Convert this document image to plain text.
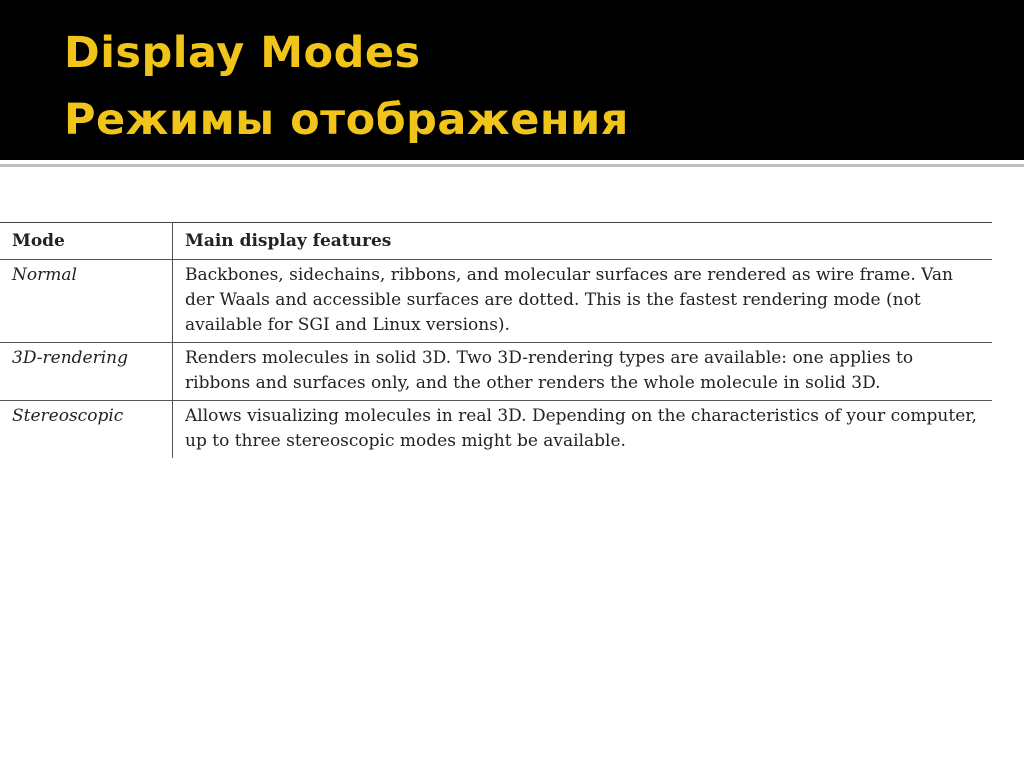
Display Modes
Режимы отображения
Mode	Main display features
Normal	Backbones, sidechains, ribbons, and molecular surfaces are rendered as wire frame. Van der Waals and accessible surfaces are dotted. This is the fastest rendering mode (not available for SGI and Linux versions).
3D-rendering	Renders molecules in solid 3D. Two 3D-rendering types are available: one applies to ribbons and surfaces only, and the other renders the whole molecule in solid 3D.
Stereoscopic	Allows visualizing molecules in real 3D. Depending on the characteristics of your computer, up to three stereoscopic modes might be available.
